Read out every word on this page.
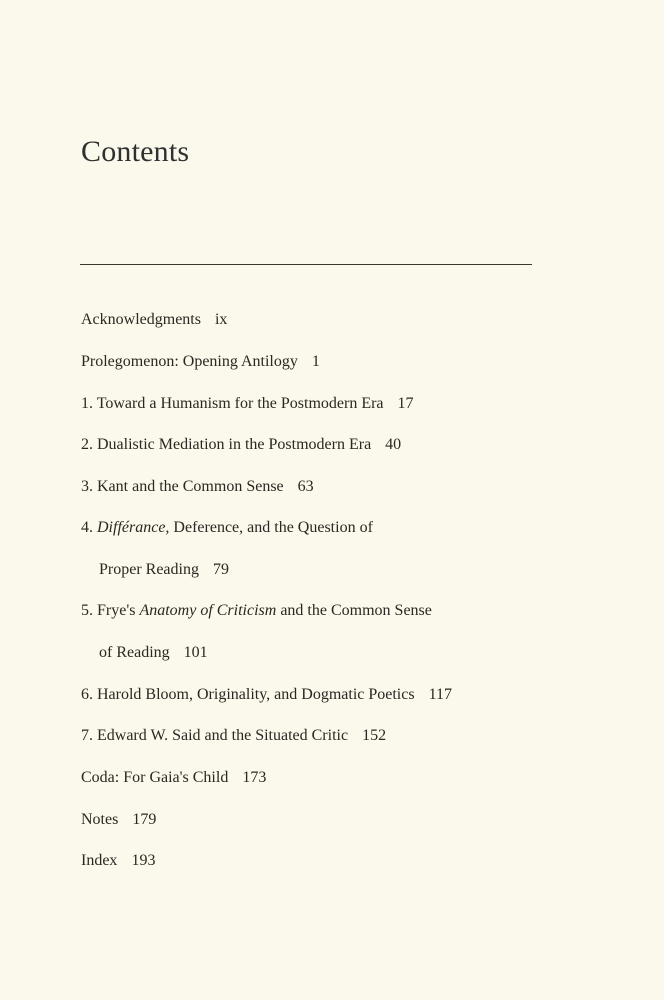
Contents
Acknowledgments ix
Prolegomenon: Opening Antilogy 1
1. Toward a Humanism for the Postmodern Era 17
2. Dualistic Mediation in the Postmodern Era 40
3. Kant and the Common Sense 63
4. Différance, Deference, and the Question of
Proper Reading 79
5. Frye's Anatomy of Criticism and the Common Sense
of Reading 101
6. Harold Bloom, Originality, and Dogmatic Poetics 117
7. Edward W. Said and the Situated Critic 152
Coda: For Gaia's Child 173
Notes 179
Index 193
